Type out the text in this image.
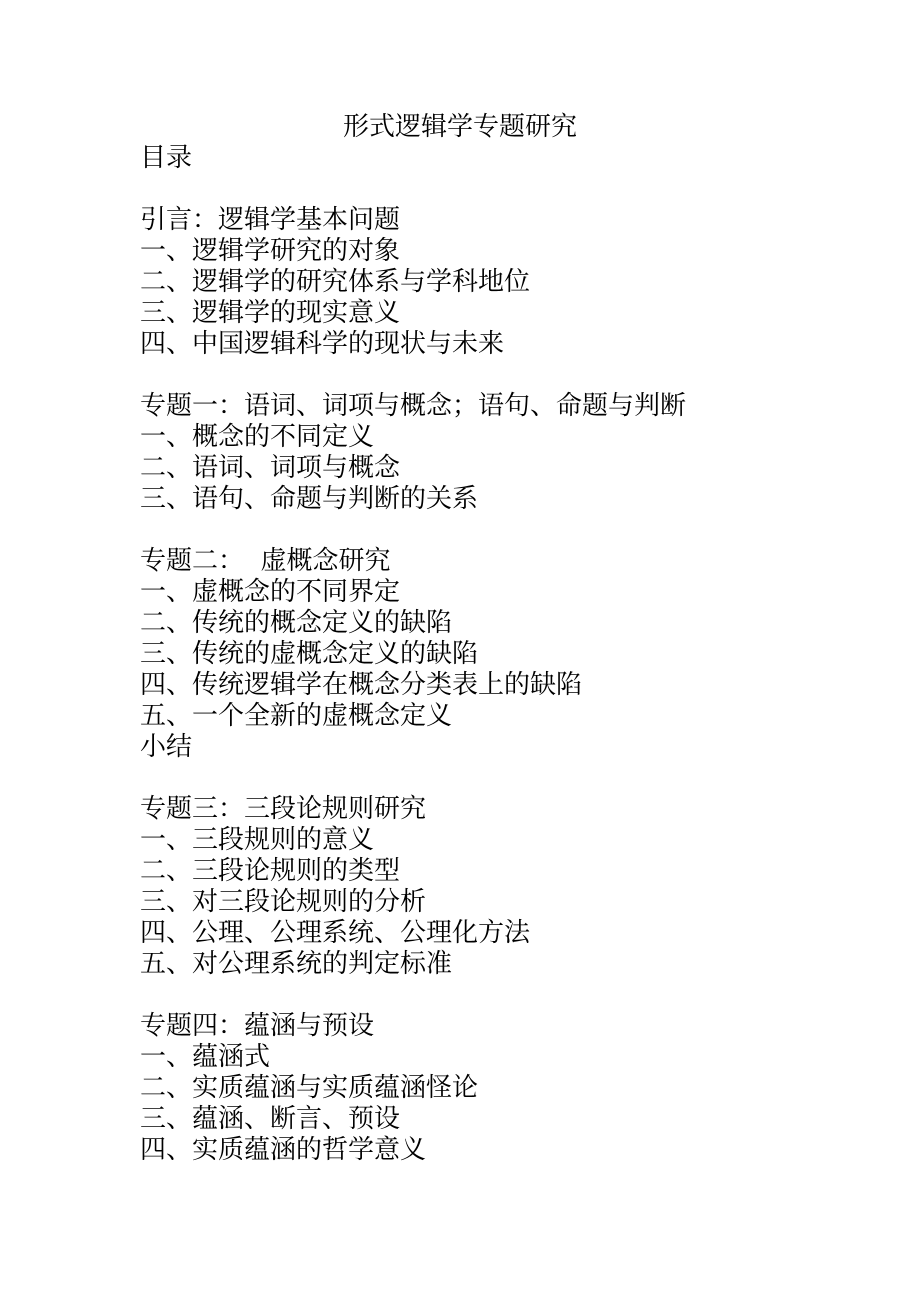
形式逻辑学专题研究
目录
引言：逻辑学基本问题
一、逻辑学研究的对象
二、逻辑学的研究体系与学科地位
三、逻辑学的现实意义
四、中国逻辑科学的现状与未来
专题一：语词、词项与概念；语句、命题与判断
一、概念的不同定义
二、语词、词项与概念
三、语句、命题与判断的关系
专题二：  虚概念研究
一、虚概念的不同界定
二、传统的概念定义的缺陷
三、传统的虚概念定义的缺陷
四、传统逻辑学在概念分类表上的缺陷
五、一个全新的虚概念定义
小结
专题三：三段论规则研究
一、三段规则的意义
二、三段论规则的类型
三、对三段论规则的分析
四、公理、公理系统、公理化方法
五、对公理系统的判定标准
专题四：蕴涵与预设
一、蕴涵式
二、实质蕴涵与实质蕴涵怪论
三、蕴涵、断言、预设
四、实质蕴涵的哲学意义
